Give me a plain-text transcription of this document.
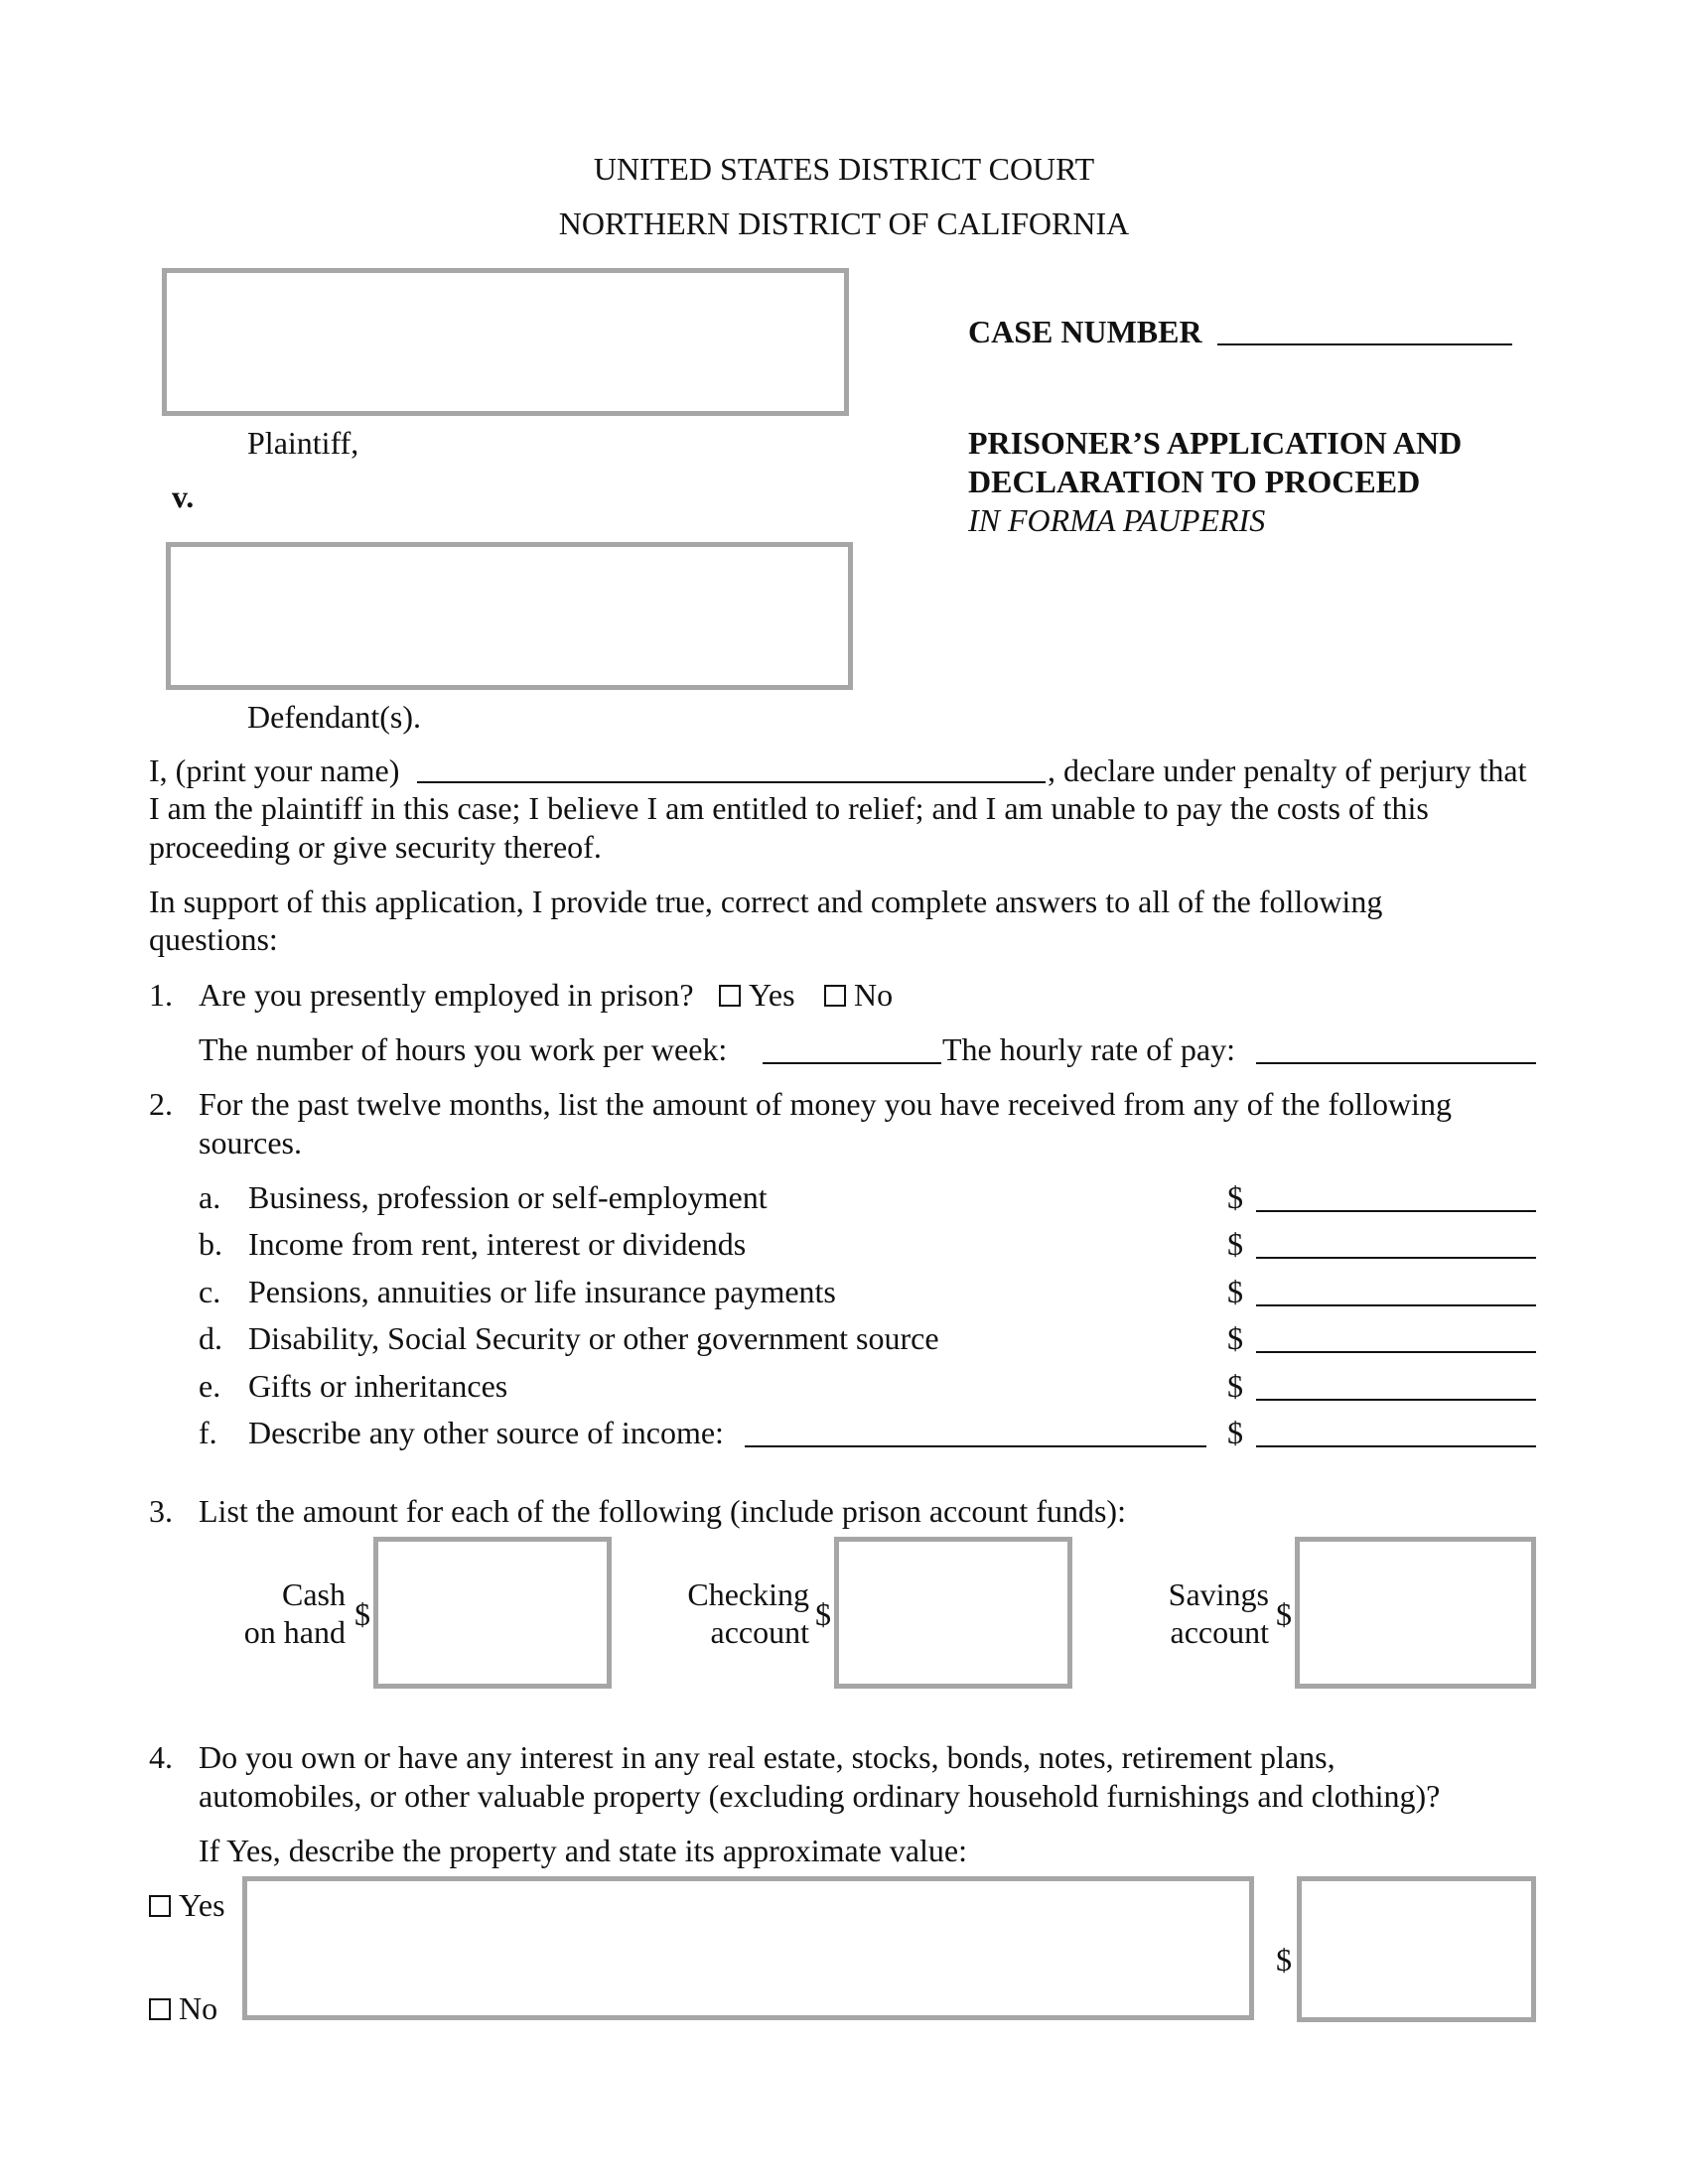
UNITED STATES DISTRICT COURT
NORTHERN DISTRICT OF CALIFORNIA
Plaintiff,
v.
Defendant(s).
CASE NUMBER
PRISONER’S APPLICATION AND
DECLARATION TO PROCEED
IN FORMA PAUPERIS
I, (print your name)	, declare under penalty of perjury that
I am the plaintiff in this case; I believe I am entitled to relief; and I am unable to pay the costs of this
proceeding or give security thereof.
In support of this application, I provide true, correct and complete answers to all of the following
questions:
1. Are you presently employed in prison?	Yes	No
The number of hours you work per week:	The hourly rate of pay:
2. For the past twelve months, list the amount of money you have received from any of the following
sources.
a. Business, profession or self-employment	$
b. Income from rent, interest or dividends	$
c. Pensions, annuities or life insurance payments	$
d. Disability, Social Security or other government source	$
e. Gifts or inheritances	$
f. Describe any other source of income:	$
3. List the amount for each of the following (include prison account funds):
Cash
on hand $
Checking
account $
Savings
account $
4. Do you own or have any interest in any real estate, stocks, bonds, notes, retirement plans,
automobiles, or other valuable property (excluding ordinary household furnishings and clothing)?
If Yes, describe the property and state its approximate value:
Yes
No
$
